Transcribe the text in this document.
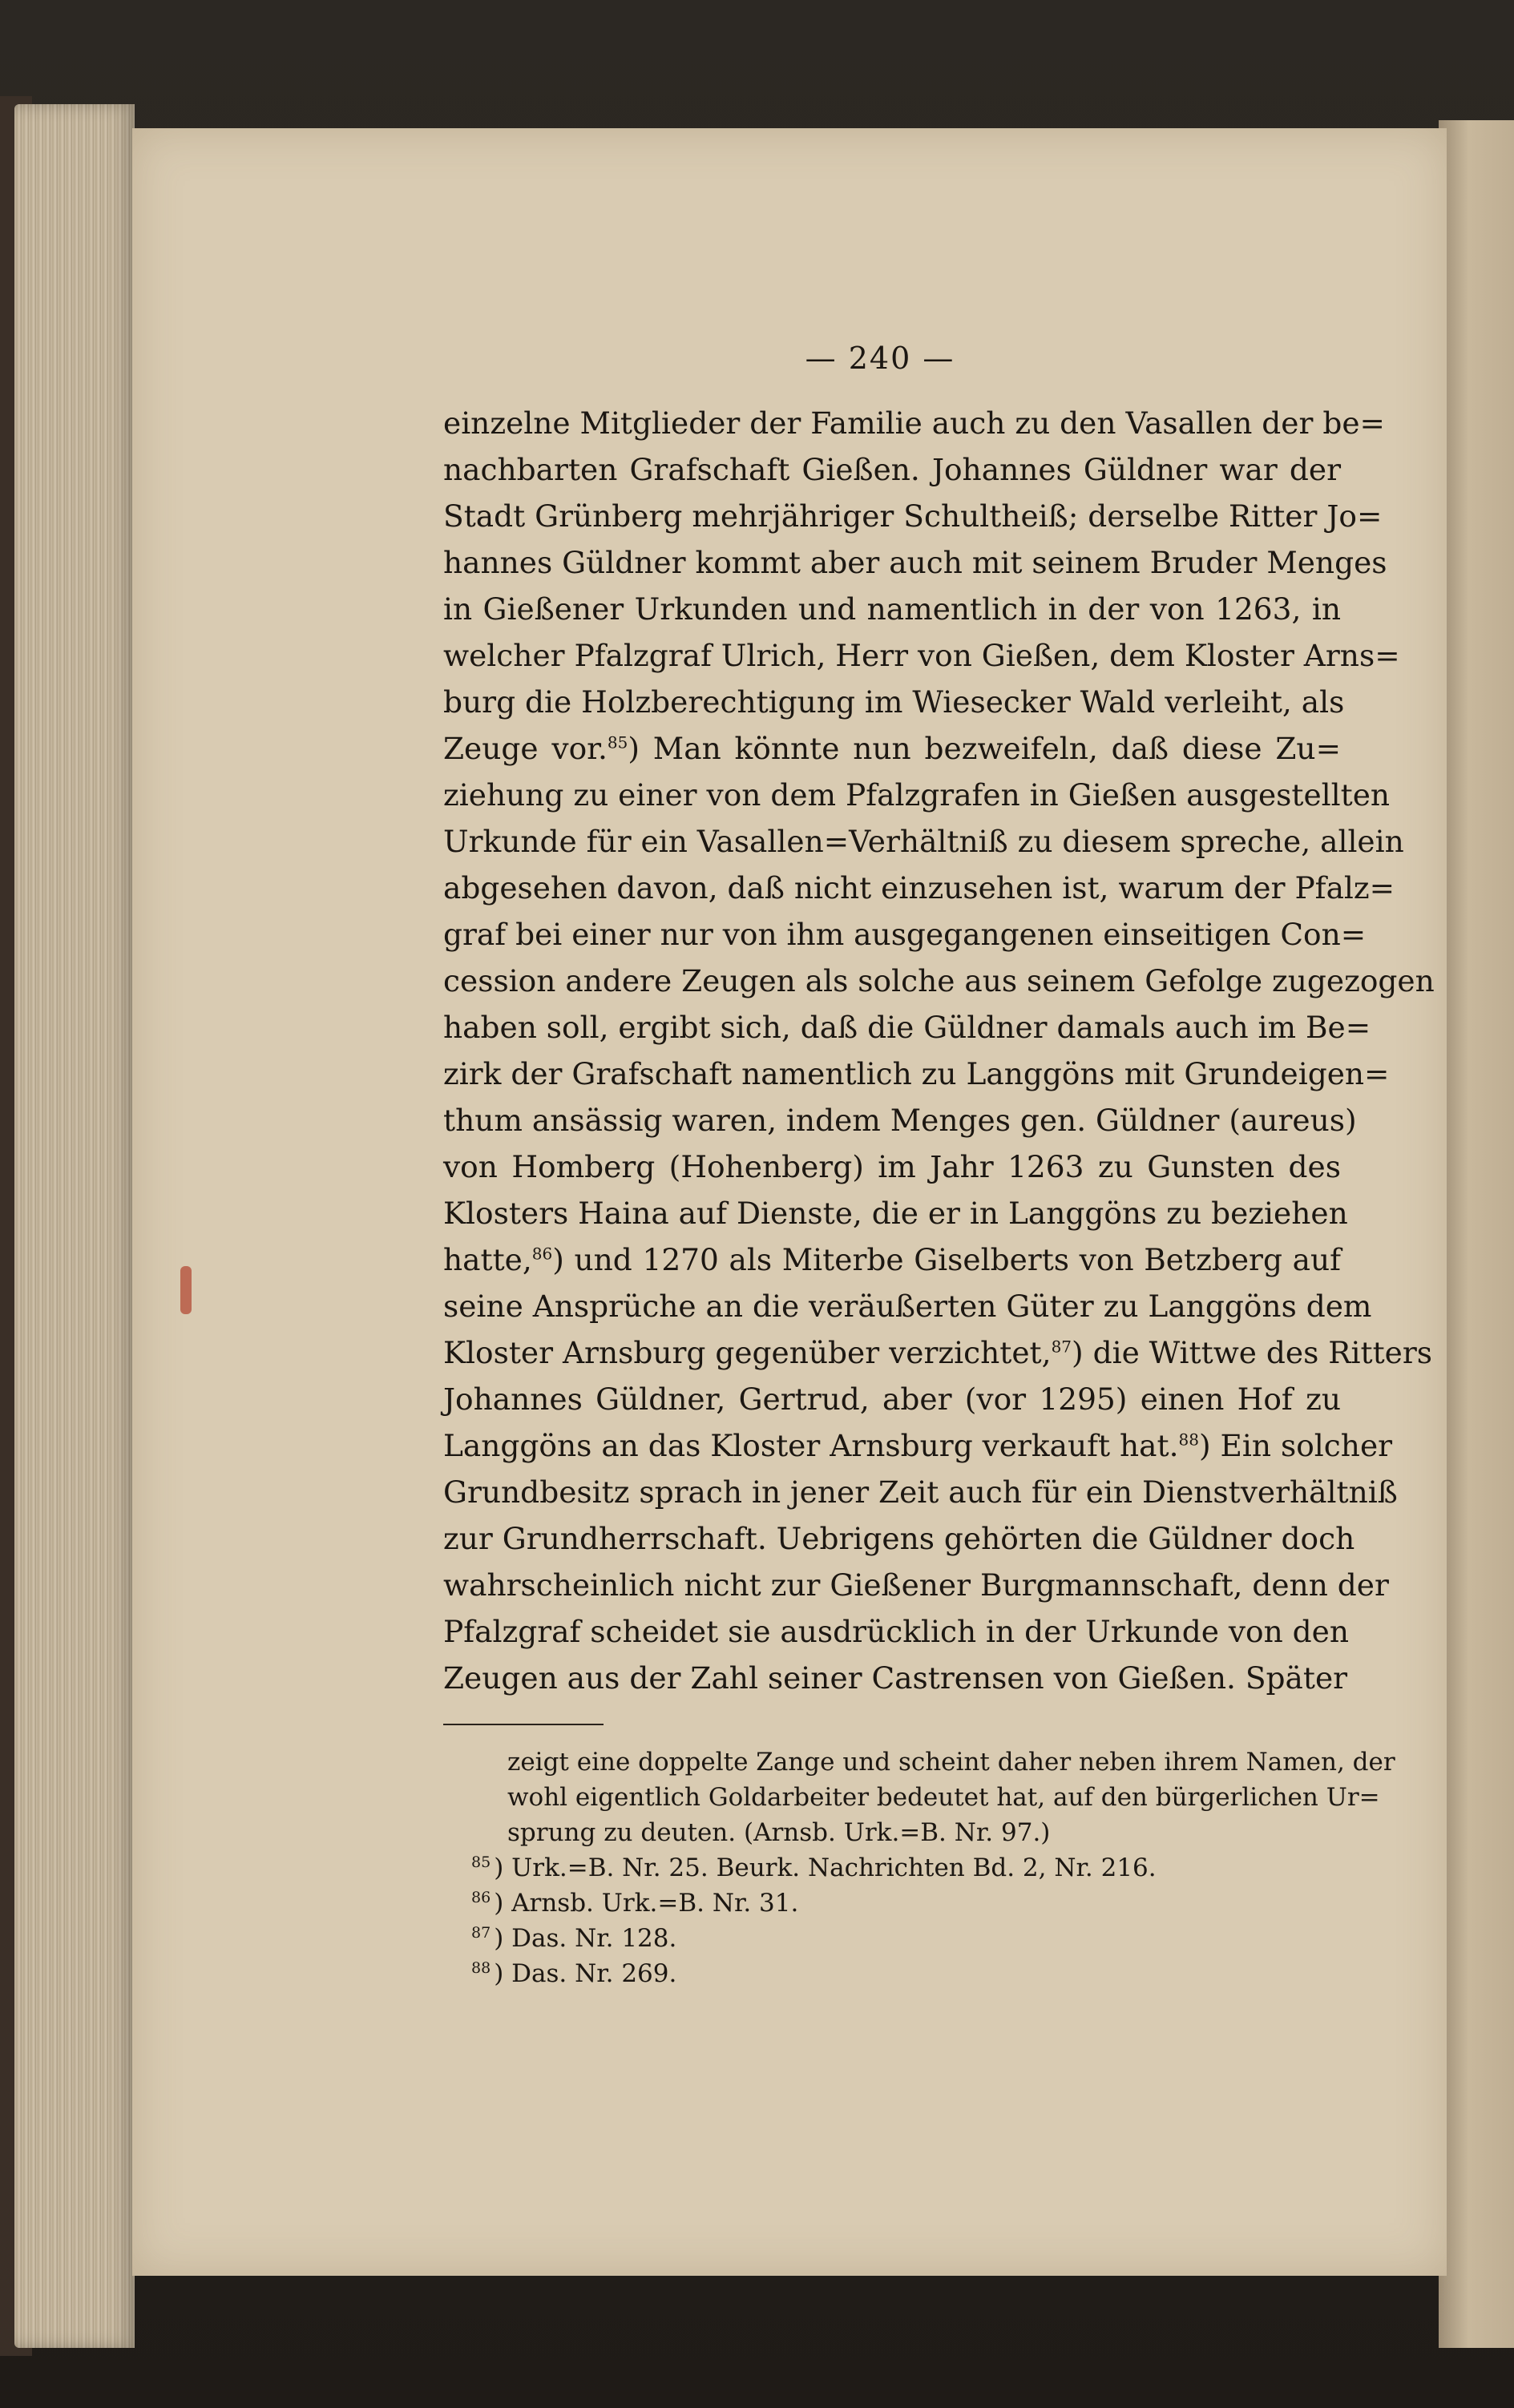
— 240 —
einzelne Mitglieder der Familie auch zu den Vasallen der be=
nachbarten Grafschaft Gießen. Johannes Güldner war der
Stadt Grünberg mehrjähriger Schultheiß; derselbe Ritter Jo=
hannes Güldner kommt aber auch mit seinem Bruder Menges
in Gießener Urkunden und namentlich in der von 1263, in
welcher Pfalzgraf Ulrich, Herr von Gießen, dem Kloster Arns=
burg die Holzberechtigung im Wiesecker Wald verleiht, als
Zeuge vor.$^{85}$) Man könnte nun bezweifeln, daß diese Zu=
ziehung zu einer von dem Pfalzgrafen in Gießen ausgestellten
Urkunde für ein Vasallen=Verhältniß zu diesem spreche, allein
abgesehen davon, daß nicht einzusehen ist, warum der Pfalz=
graf bei einer nur von ihm ausgegangenen einseitigen Con=
cession andere Zeugen als solche aus seinem Gefolge zugezogen
haben soll, ergibt sich, daß die Güldner damals auch im Be=
zirk der Grafschaft namentlich zu Langgöns mit Grundeigen=
thum ansässig waren, indem Menges gen. Güldner (aureus)
von Homberg (Hohenberg) im Jahr 1263 zu Gunsten des
Klosters Haina auf Dienste, die er in Langgöns zu beziehen
hatte,$^{86}$) und 1270 als Miterbe Giselberts von Betzberg auf
seine Ansprüche an die veräußerten Güter zu Langgöns dem
Kloster Arnsburg gegenüber verzichtet,$^{87}$) die Wittwe des Ritters
Johannes Güldner, Gertrud, aber (vor 1295) einen Hof zu
Langgöns an das Kloster Arnsburg verkauft hat.$^{88}$) Ein solcher
Grundbesitz sprach in jener Zeit auch für ein Dienstverhältniß
zur Grundherrschaft. Uebrigens gehörten die Güldner doch
wahrscheinlich nicht zur Gießener Burgmannschaft, denn der
Pfalzgraf scheidet sie ausdrücklich in der Urkunde von den
Zeugen aus der Zahl seiner Castrensen von Gießen. Später
zeigt eine doppelte Zange und scheint daher neben ihrem Namen, der
wohl eigentlich Goldarbeiter bedeutet hat, auf den bürgerlichen Ur=
sprung zu deuten. (Arnsb. Urk.=B. Nr. 97.)
$^{85}$ ) Urk.=B. Nr. 25. Beurk. Nachrichten Bd. 2, Nr. 216.
$^{86}$ ) Arnsb. Urk.=B. Nr. 31.
$^{87}$ ) Das. Nr. 128.
$^{88}$ ) Das. Nr. 269.
